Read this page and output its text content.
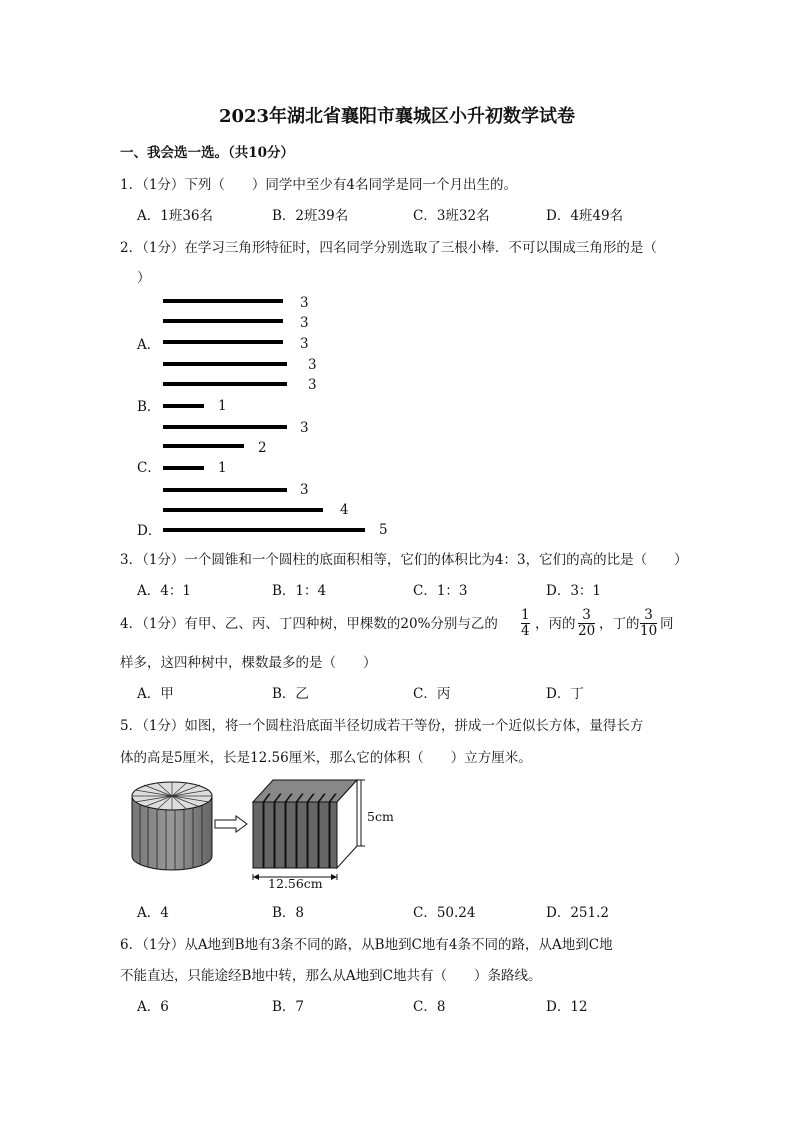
2023年湖北省襄阳市襄城区小升初数学试卷
一、我会选一选。（共10分）
1．（1分）下列（　　）同学中至少有4名同学是同一个月出生的。
A．1班36名	B．2班39名	C．3班32名	D．4班49名
2．（1分）在学习三角形特征时，四名同学分别选取了三根小棒．不可以围成三角形的是（
）
3
3
3
A．
3
3
1
B．
3
2
1
C．
3
4
5
D．
3．（1分）一个圆锥和一个圆柱的底面积相等，它们的体积比为4：3，它们的高的比是（　　）
A．4：1	B．1：4	C．1：3	D．3：1
4．（1分）有甲、乙、丙、丁四种树，甲棵数的20%分别与乙的
1
4 ，丙的
3
20 ，丁的
3
10 同
样多，这四种树中，棵数最多的是（　　）
A．甲	B．乙	C．丙	D．丁
5．（1分）如图，将一个圆柱沿底面半径切成若干等份，拼成一个近似长方体，量得长方
体的高是5厘米，长是12.56厘米，那么它的体积（　　）立方厘米。
5cm
12.56cm
A．4	B．8	C．50.24	D．251.2
6．（1分）从A地到B地有3条不同的路，从B地到C地有4条不同的路，从A地到C地
不能直达，只能途经B地中转，那么从A地到C地共有（　　）条路线。
A．6	B．7	C．8	D．12
